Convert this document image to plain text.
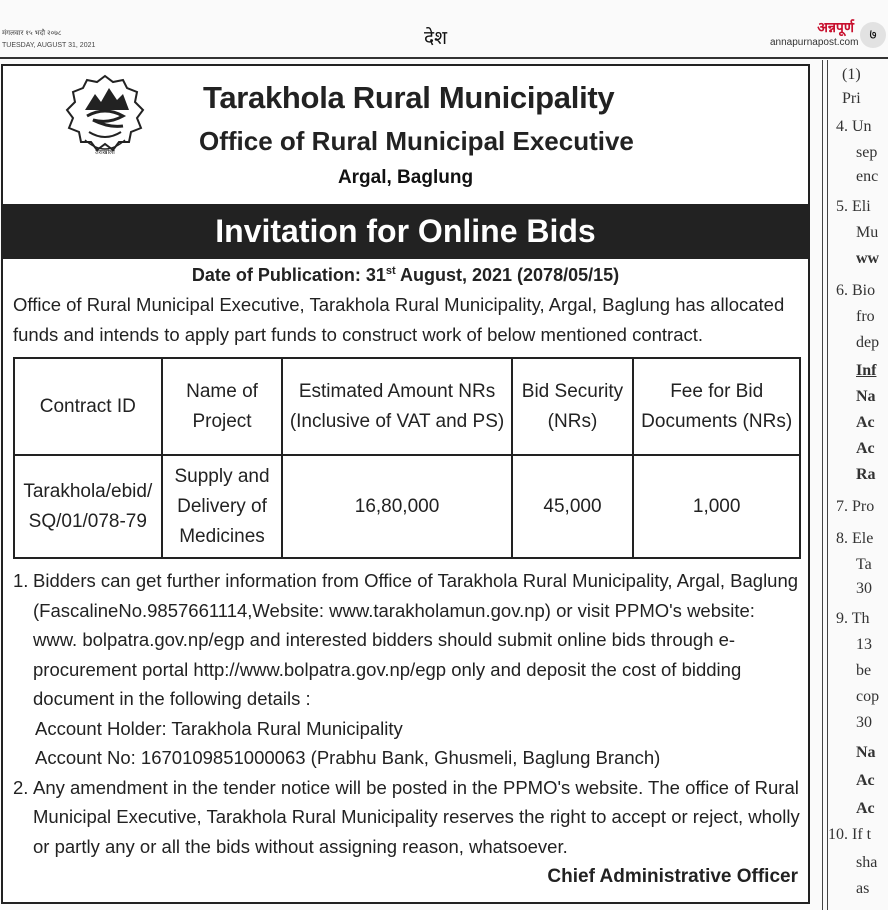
मंगलवार १५ भदौ २०७८
TUESDAY, AUGUST 31, 2021	देश	अन्नपूर्ण
annapurnapost.com ७
तराखोला
Tarakhola Rural Municipality
Office of Rural Municipal Executive
Argal, Baglung
Invitation for Online Bids
Date of Publication: 31st August, 2021 (2078/05/15)
Office of Rural Municipal Executive, Tarakhola Rural Municipality, Argal, Baglung has allocated funds and intends to apply part funds to construct work of below mentioned contract.
Contract ID	Name of Project	Estimated Amount NRs (Inclusive of VAT and PS)	Bid Security (NRs)	Fee for Bid Documents (NRs)
Tarakhola/ebid/SQ/01/078-79	Supply and Delivery of Medicines	16,80,000	45,000	1,000
1. Bidders can get further information from Office of Tarakhola Rural Municipality, Argal, Baglung (FascalineNo.9857661114,Website: www.tarakholamun.gov.np) or visit PPMO's website: www. bolpatra.gov.np/egp and interested bidders should submit online bids through e-procurement portal http://www.bolpatra.gov.np/egp only and deposit the cost of bidding document in the following details :
Account Holder: Tarakhola Rural Municipality
Account No: 1670109851000063 (Prabhu Bank, Ghusmeli, Baglung Branch)
2. Any amendment in the tender notice will be posted in the PPMO's website. The office of Rural Municipal Executive, Tarakhola Rural Municipality reserves the right to accept or reject, wholly or partly any or all the bids without assigning reason, whatsoever.
Chief Administrative Officer
(1)
Pri
4. Un
sep
enc
5. Eli
Mu
ww
6. Bio
fro
dep
Inf
Na
Ac
Ac
Ra
7. Pro
8. Ele
Ta
30
9. Th
13
be
cop
30
Na
Ac
Ac
10. If t
sha
as
